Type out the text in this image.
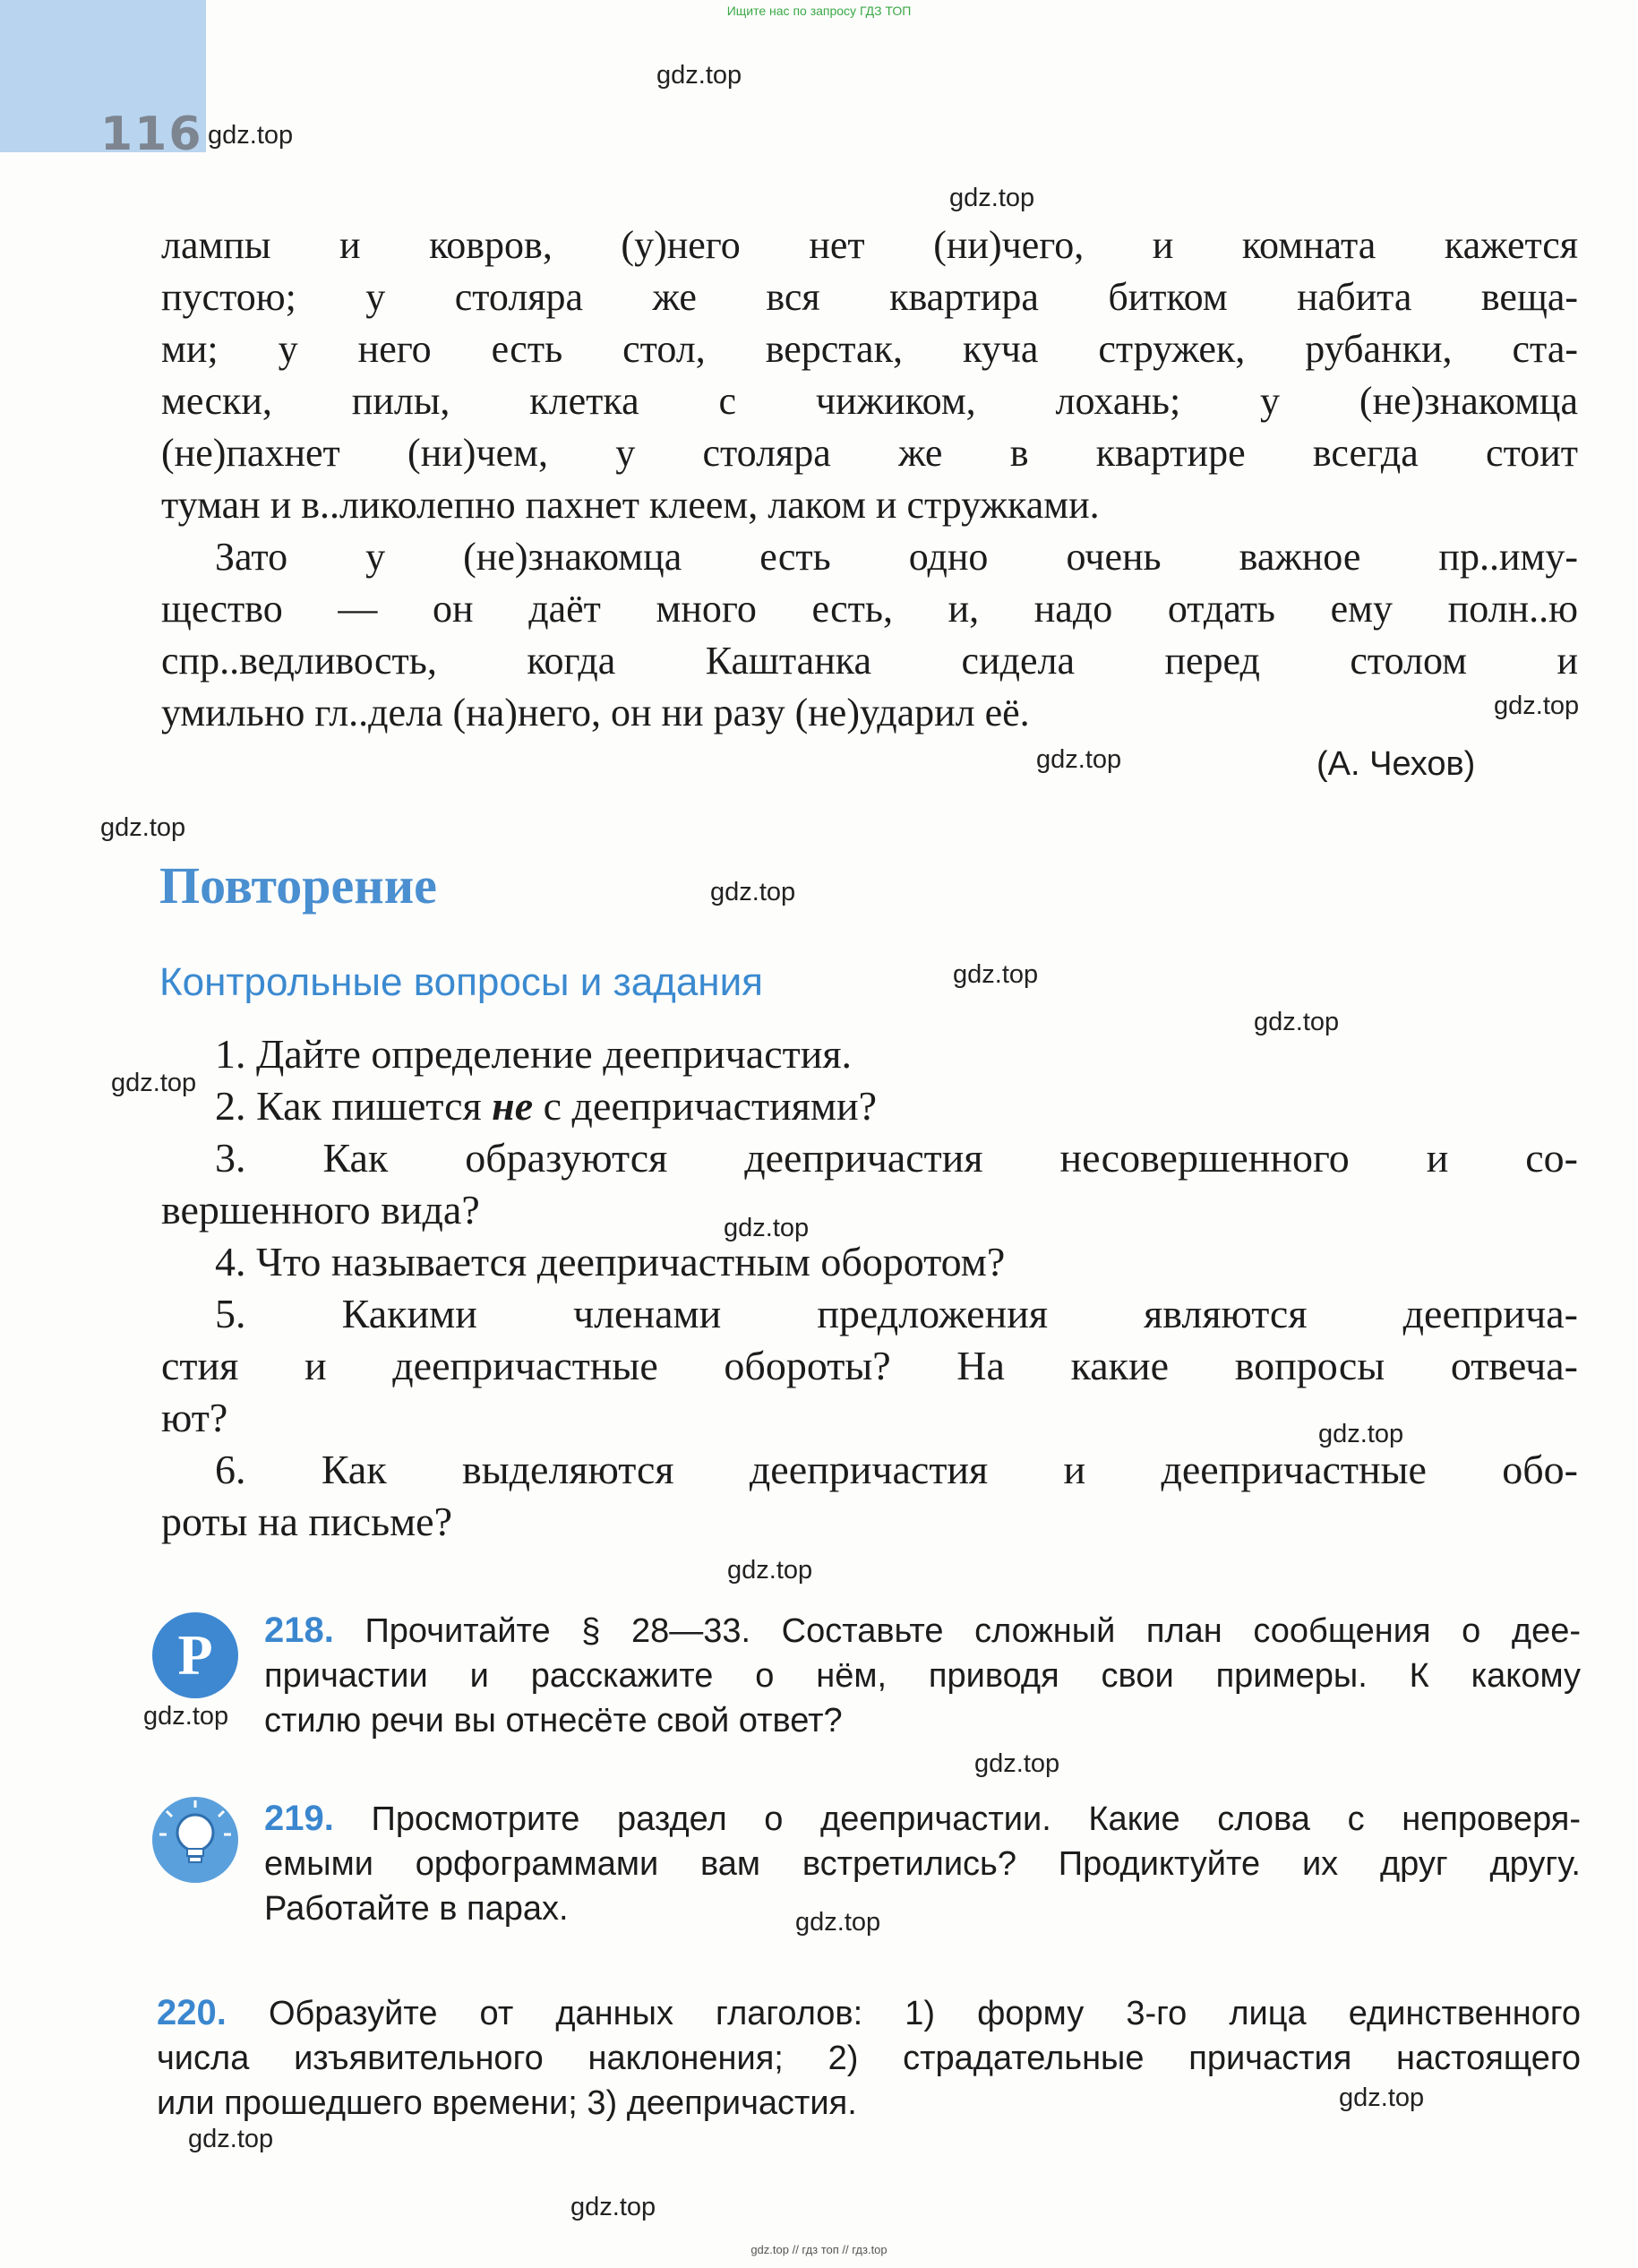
Ищите нас по запросу ГДЗ ТОП
116
gdz.top
gdz.top
gdz.top
gdz.top
gdz.top
gdz.top
gdz.top
gdz.top
gdz.top
gdz.top
gdz.top
gdz.top
gdz.top
gdz.top
gdz.top
gdz.top
gdz.top
gdz.top
gdz.top
лампы и ковров, (у)него нет (ни)чего, и комната кажется
пустою; у столяра же вся квартира битком набита веща-
ми; у него есть стол, верстак, куча стружек, рубанки, ста-
мески, пилы, клетка с чижиком, лохань; у (не)знакомца
(не)пахнет (ни)чем, у столяра же в квартире всегда стоит
туман и в..ликолепно пахнет клеем, лаком и стружками.
Зато у (не)знакомца есть одно очень важное пр..иму-
щество — он даёт много есть, и, надо отдать ему полн..ю
спр..ведливость, когда Каштанка сидела перед столом и
умильно гл..дела (на)него, он ни разу (не)ударил её.
(А. Чехов)
Повторение
Контрольные вопросы и задания
1. Дайте определение деепричастия.
2. Как пишется не с деепричастиями?
3. Как образуются деепричастия несовершенного и со-
вершенного вида?
4. Что называется деепричастным оборотом?
5. Какими членами предложения являются дееприча-
стия и деепричастные обороты? На какие вопросы отвеча-
ют?
6. Как выделяются деепричастия и деепричастные обо-
роты на письме?
Р	218. Прочитайте § 28—33. Составьте сложный план сообщения о дее-
причастии и расскажите о нём, приводя свои примеры. К какому
стилю речи вы отнесёте свой ответ?
219. Просмотрите раздел о деепричастии. Какие слова с непроверя-
емыми орфограммами вам встретились? Продиктуйте их друг другу.
Работайте в парах.
220. Образуйте от данных глаголов: 1) форму 3-го лица единственного
числа изъявительного наклонения; 2) страдательные причастия настоящего
или прошедшего времени; 3) деепричастия.
gdz.top // гдз топ // гдз.top
